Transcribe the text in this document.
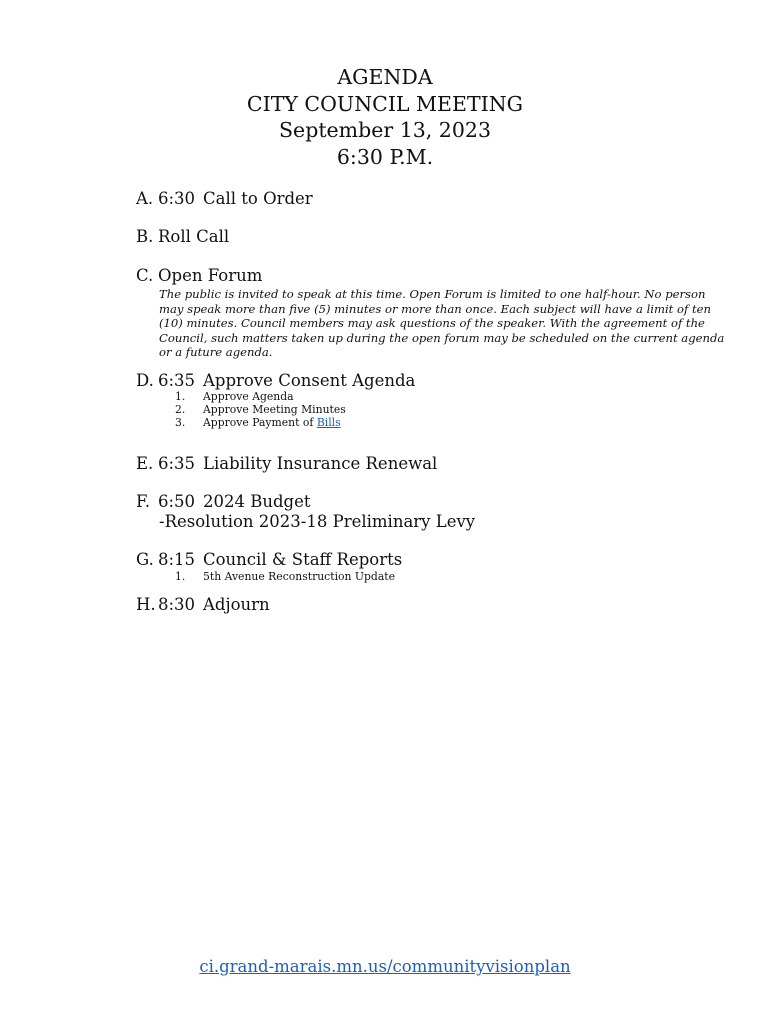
AGENDA
CITY COUNCIL MEETING
September 13, 2023
6:30 P.M.
A. 6:30 Call to Order
B. Roll Call
C. Open Forum
The public is invited to speak at this time. Open Forum is limited to one half-hour. No person
may speak more than five (5) minutes or more than once. Each subject will have a limit of ten
(10) minutes. Council members may ask questions of the speaker. With the agreement of the
Council, such matters taken up during the open forum may be scheduled on the current agenda
or a future agenda.
D. 6:35 Approve Consent Agenda
1. Approve Agenda
2. Approve Meeting Minutes
3. Approve Payment of Bills
E. 6:35 Liability Insurance Renewal
F. 6:50 2024 Budget
-Resolution 2023-18 Preliminary Levy
G. 8:15 Council & Staff Reports
1. 5th Avenue Reconstruction Update
H. 8:30 Adjourn
ci.grand-marais.mn.us/communityvisionplan
